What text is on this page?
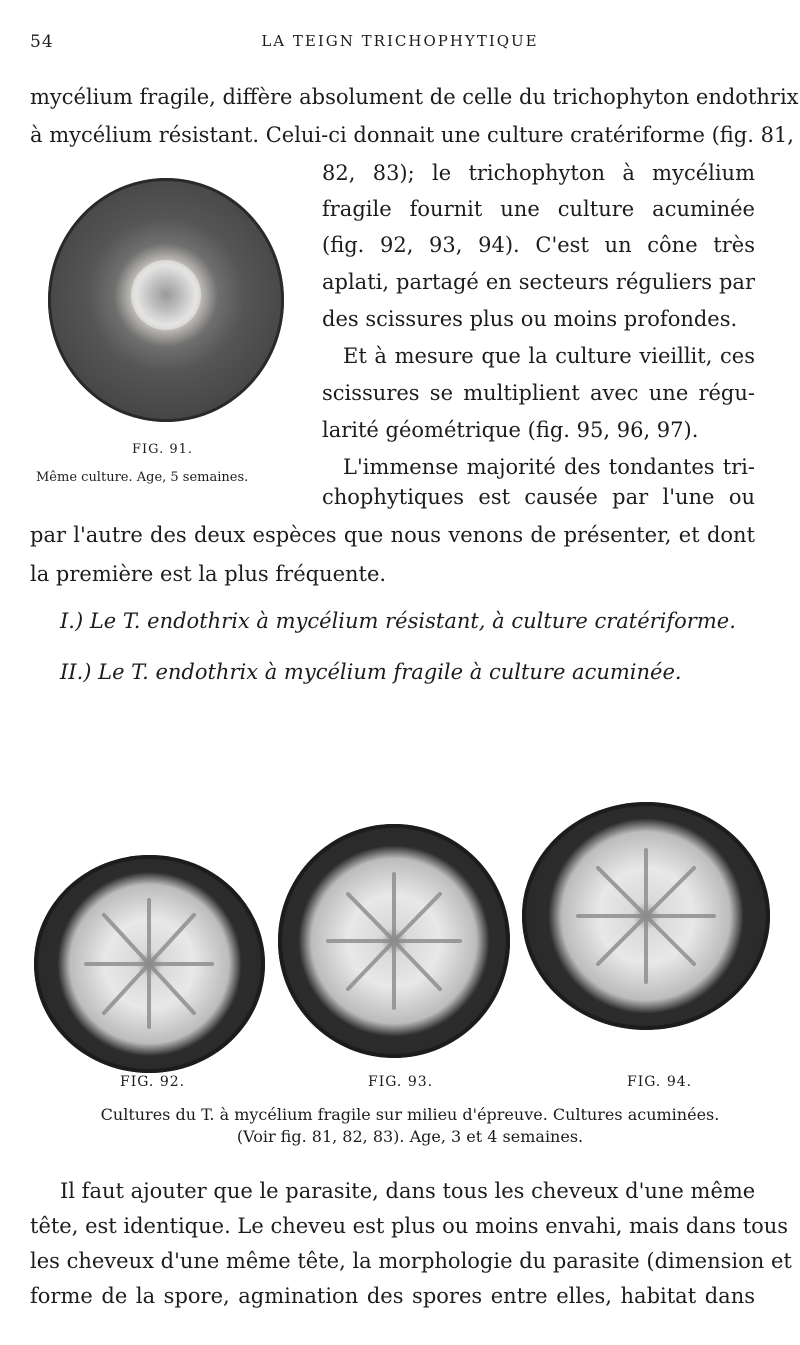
54	LA TEIGN TRICHOPHYTIQUE
mycélium fragile, diffère absolument de celle du trichophyton endothrix
à mycélium résistant. Celui-ci donnait une culture cratériforme (fig. 81,
82, 83); le trichophyton à mycélium
fragile fournit une culture acuminée
(fig. 92, 93, 94). C'est un cône très
aplati, partagé en secteurs réguliers par
des scissures plus ou moins profondes.
Et à mesure que la culture vieillit, ces
scissures se multiplient avec une régu-
larité géométrique (fig. 95, 96, 97).
L'immense majorité des tondantes tri-
chophytiques est causée par l'une ou
par l'autre des deux espèces que nous venons de présenter, et dont
la première est la plus fréquente.
FIG. 91.
Même culture. Age, 5 semaines.
I.) Le T. endothrix à mycélium résistant, à culture cratériforme.
II.) Le T. endothrix à mycélium fragile à culture acuminée.
FIG. 92.	FIG. 93.	FIG. 94.
Cultures du T. à mycélium fragile sur milieu d'épreuve. Cultures acuminées.
(Voir fig. 81, 82, 83). Age, 3 et 4 semaines.
Il faut ajouter que le parasite, dans tous les cheveux d'une même
tête, est identique. Le cheveu est plus ou moins envahi, mais dans tous
les cheveux d'une même tête, la morphologie du parasite (dimension et
forme de la spore, agmination des spores entre elles, habitat dans
